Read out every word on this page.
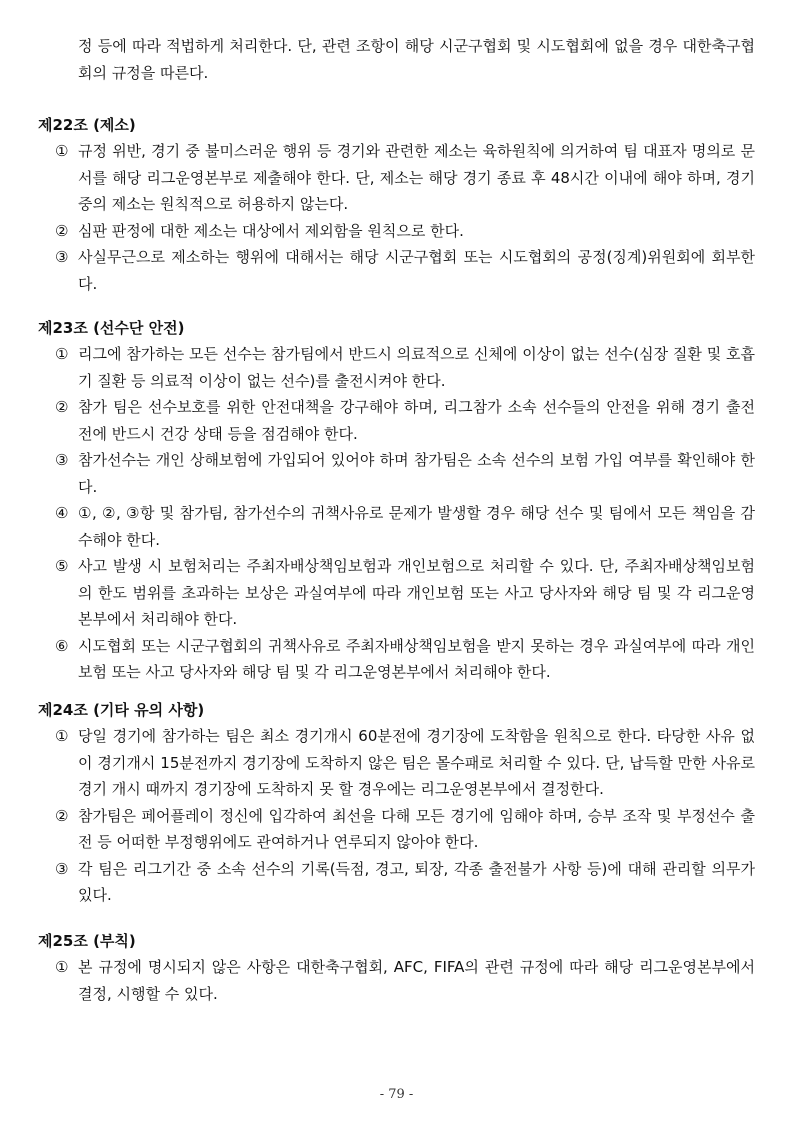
정 등에 따라 적법하게 처리한다. 단, 관련 조항이 해당 시군구협회 및 시도협회에 없을 경우 대한축구협회의 규정을 따른다.
제22조 (제소)
① 규정 위반, 경기 중 불미스러운 행위 등 경기와 관련한 제소는 육하원칙에 의거하여 팀 대표자 명의로 문서를 해당 리그운영본부로 제출해야 한다. 단, 제소는 해당 경기 종료 후 48시간 이내에 해야 하며, 경기 중의 제소는 원칙적으로 허용하지 않는다.
② 심판 판정에 대한 제소는 대상에서 제외함을 원칙으로 한다.
③ 사실무근으로 제소하는 행위에 대해서는 해당 시군구협회 또는 시도협회의 공정(징계)위원회에 회부한다.
제23조 (선수단 안전)
① 리그에 참가하는 모든 선수는 참가팀에서 반드시 의료적으로 신체에 이상이 없는 선수(심장 질환 및 호흡기 질환 등 의료적 이상이 없는 선수)를 출전시켜야 한다.
② 참가 팀은 선수보호를 위한 안전대책을 강구해야 하며, 리그참가 소속 선수들의 안전을 위해 경기 출전 전에 반드시 건강 상태 등을 점검해야 한다.
③ 참가선수는 개인 상해보험에 가입되어 있어야 하며 참가팀은 소속 선수의 보험 가입 여부를 확인해야 한다.
④ ①, ②, ③항 및 참가팀, 참가선수의 귀책사유로 문제가 발생할 경우 해당 선수 및 팀에서 모든 책임을 감수해야 한다.
⑤ 사고 발생 시 보험처리는 주최자배상책임보험과 개인보험으로 처리할 수 있다. 단, 주최자배상책임보험의 한도 범위를 초과하는 보상은 과실여부에 따라 개인보험 또는 사고 당사자와 해당 팀 및 각 리그운영본부에서 처리해야 한다.
⑥ 시도협회 또는 시군구협회의 귀책사유로 주최자배상책임보험을 받지 못하는 경우 과실여부에 따라 개인보험 또는 사고 당사자와 해당 팀 및 각 리그운영본부에서 처리해야 한다.
제24조 (기타 유의 사항)
① 당일 경기에 참가하는 팀은 최소 경기개시 60분전에 경기장에 도착함을 원칙으로 한다. 타당한 사유 없이 경기개시 15분전까지 경기장에 도착하지 않은 팀은 몰수패로 처리할 수 있다. 단, 납득할 만한 사유로 경기 개시 때까지 경기장에 도착하지 못 할 경우에는 리그운영본부에서 결정한다.
② 참가팀은 페어플레이 정신에 입각하여 최선을 다해 모든 경기에 임해야 하며, 승부 조작 및 부정선수 출전 등 어떠한 부정행위에도 관여하거나 연루되지 않아야 한다.
③ 각 팀은 리그기간 중 소속 선수의 기록(득점, 경고, 퇴장, 각종 출전불가 사항 등)에 대해 관리할 의무가 있다.
제25조 (부칙)
① 본 규정에 명시되지 않은 사항은 대한축구협회, AFC, FIFA의 관련 규정에 따라 해당 리그운영본부에서 결정, 시행할 수 있다.
- 79 -
